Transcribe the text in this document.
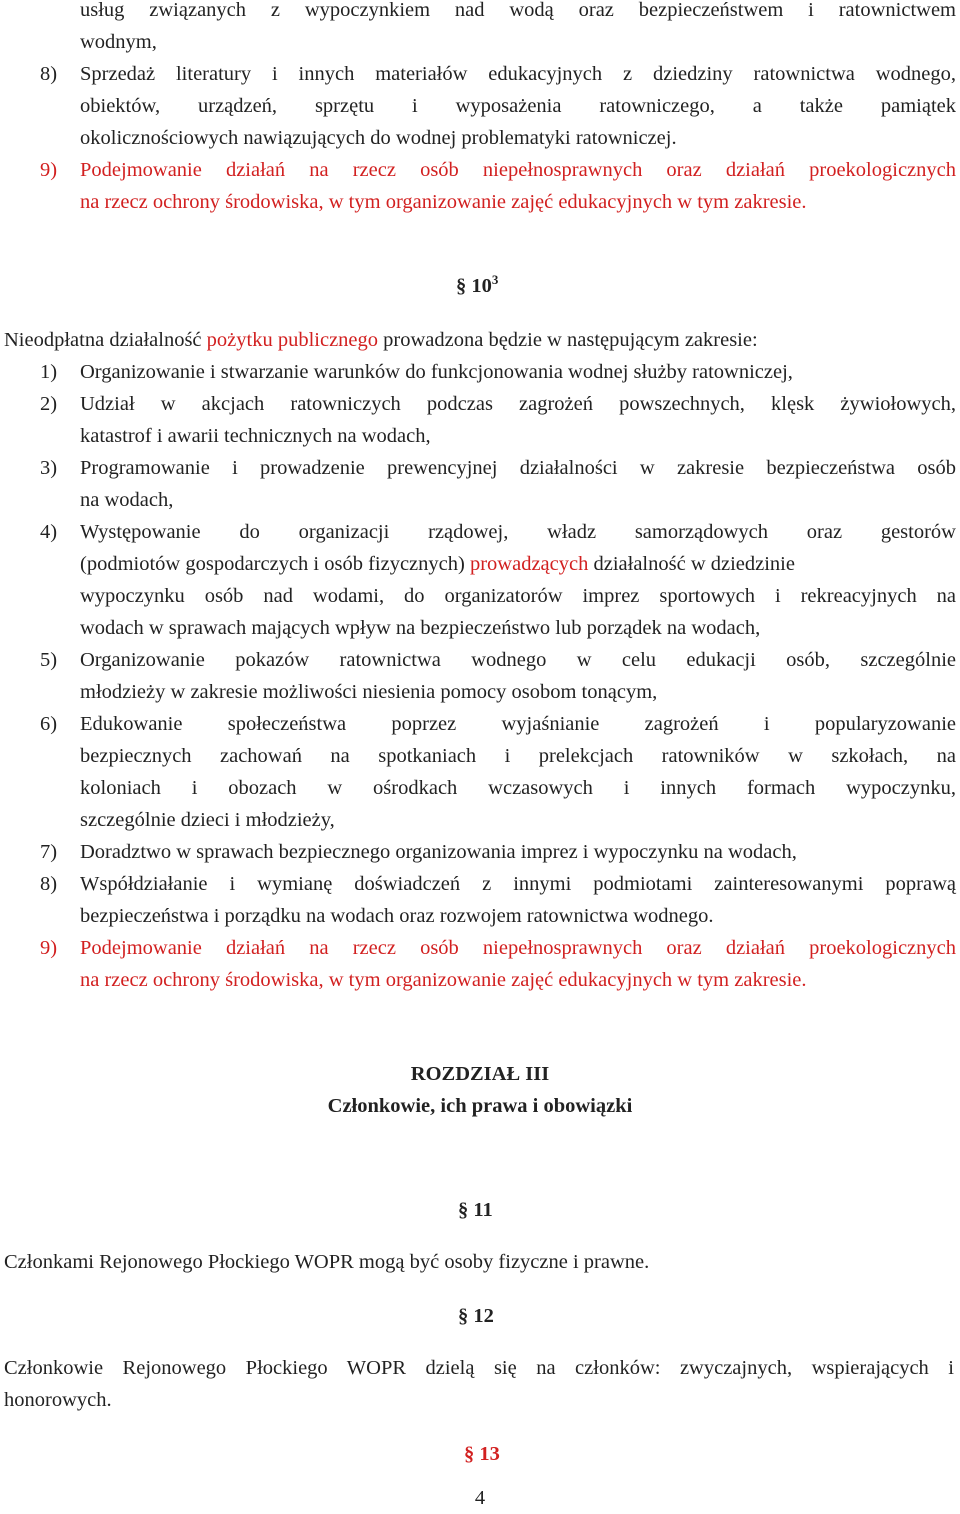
usług związanych z wypoczynkiem nad wodą oraz bezpieczeństwem i ratownictwem
wodnym,
8) Sprzedaż literatury i innych materiałów edukacyjnych z dziedziny ratownictwa wodnego,
obiektów, urządzeń, sprzętu i wyposażenia ratowniczego, a także pamiątek
okolicznościowych nawiązujących do wodnej problematyki ratowniczej.
9) Podejmowanie działań na rzecz osób niepełnosprawnych oraz działań proekologicznych
na rzecz ochrony środowiska, w tym organizowanie zajęć edukacyjnych w tym zakresie.
§ $10^3$
Nieodpłatna działalność pożytku publicznego prowadzona będzie w następującym zakresie:
1) Organizowanie i stwarzanie warunków do funkcjonowania wodnej służby ratowniczej,
2) Udział w akcjach ratowniczych podczas zagrożeń powszechnych, klęsk żywiołowych,
katastrof i awarii technicznych na wodach,
3) Programowanie i prowadzenie prewencyjnej działalności w zakresie bezpieczeństwa osób
na wodach,
4) Występowanie do organizacji rządowej, władz samorządowych oraz gestorów
(podmiotów gospodarczych i osób fizycznych) prowadzących działalność w dziedzinie
wypoczynku osób nad wodami, do organizatorów imprez sportowych i rekreacyjnych na
wodach w sprawach mających wpływ na bezpieczeństwo lub porządek na wodach,
5) Organizowanie pokazów ratownictwa wodnego w celu edukacji osób, szczególnie
młodzieży w zakresie możliwości niesienia pomocy osobom tonącym,
6) Edukowanie społeczeństwa poprzez wyjaśnianie zagrożeń i popularyzowanie
bezpiecznych zachowań na spotkaniach i prelekcjach ratowników w szkołach, na
koloniach i obozach w ośrodkach wczasowych i innych formach wypoczynku,
szczególnie dzieci i młodzieży,
7) Doradztwo w sprawach bezpiecznego organizowania imprez i wypoczynku na wodach,
8) Współdziałanie i wymianę doświadczeń z innymi podmiotami zainteresowanymi poprawą
bezpieczeństwa i porządku na wodach oraz rozwojem ratownictwa wodnego.
9) Podejmowanie działań na rzecz osób niepełnosprawnych oraz działań proekologicznych
na rzecz ochrony środowiska, w tym organizowanie zajęć edukacyjnych w tym zakresie.
ROZDZIAŁ III
Członkowie, ich prawa i obowiązki
§ 11
Członkami Rejonowego Płockiego WOPR mogą być osoby fizyczne i prawne.
§ 12
Członkowie Rejonowego Płockiego WOPR dzielą się na członków: zwyczajnych, wspierających i
honorowych.
§ 13
4
